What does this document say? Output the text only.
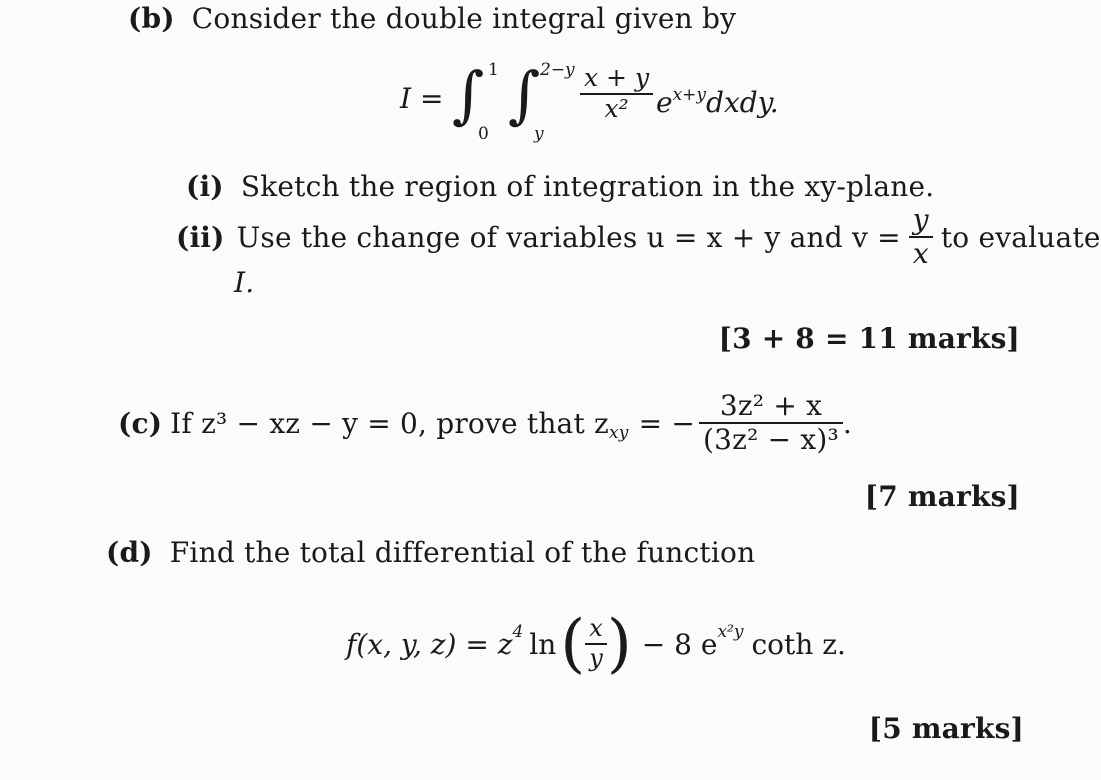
(b) Consider the double integral given by
I = ∫ 1
0
∫ 2−y
y
x + y
x² $e^{x+y}dxdy$.
(i) Sketch the region of integration in the xy-plane.
(ii) Use the change of variables u = x + y and $v = \frac{y}{x}$ to evaluate
I.
[3 + 8 = 11 marks]
(c) If z³ − xz − y = 0, prove that z xy = − $\frac{\text{3z² + x}}{\text{(3z² − x)³}}$ .
[7 marks]
(d) Find the total differential of the function
f(x, y, z) = z 4 ln ( $\frac{x}{y}$ ) − 8 e x²y coth z.
[5 marks]
